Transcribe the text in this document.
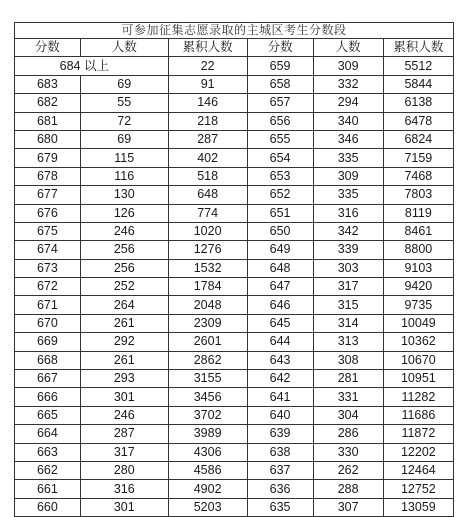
可参加征集志愿录取的主城区考生分数段					
分数	人数	累积人数	分数	人数	累积人数
684 以上		22	659	309	5512
683	69	91	658	332	5844
682	55	146	657	294	6138
681	72	218	656	340	6478
680	69	287	655	346	6824
679	115	402	654	335	7159
678	116	518	653	309	7468
677	130	648	652	335	7803
676	126	774	651	316	8119
675	246	1020	650	342	8461
674	256	1276	649	339	8800
673	256	1532	648	303	9103
672	252	1784	647	317	9420
671	264	2048	646	315	9735
670	261	2309	645	314	10049
669	292	2601	644	313	10362
668	261	2862	643	308	10670
667	293	3155	642	281	10951
666	301	3456	641	331	11282
665	246	3702	640	304	11686
664	287	3989	639	286	11872
663	317	4306	638	330	12202
662	280	4586	637	262	12464
661	316	4902	636	288	12752
660	301	5203	635	307	13059
